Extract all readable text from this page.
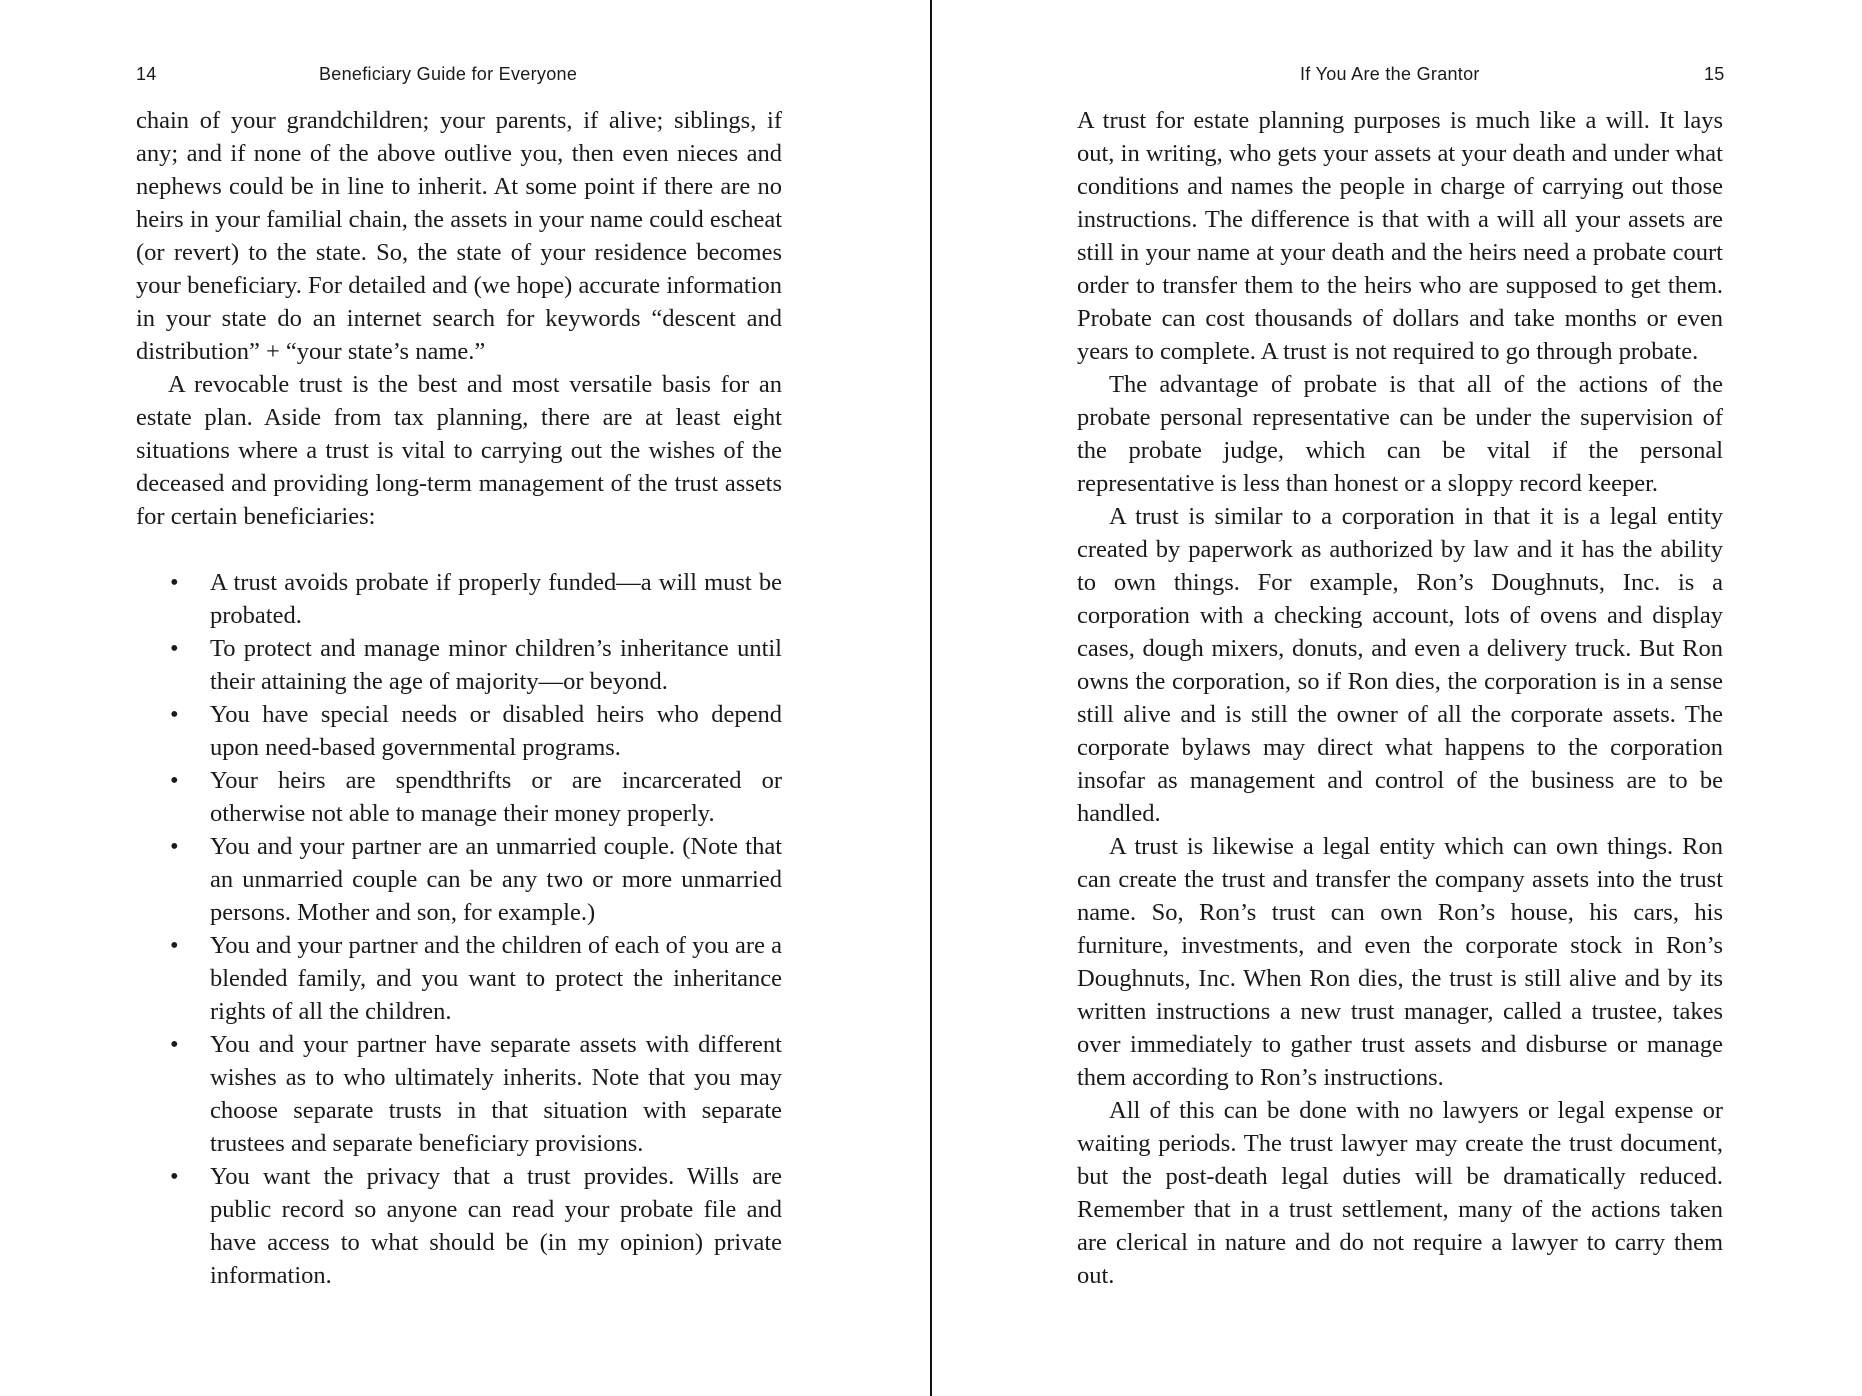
14	Beneficiary Guide for Everyone

chain of your grandchildren; your parents, if alive; siblings, if any; and if none of the above outlive you, then even nieces and nephews could be in line to inherit. At some point if there are no heirs in your familial chain, the assets in your name could escheat (or revert) to the state. So, the state of your residence becomes your beneficiary. For detailed and (we hope) accurate information in your state do an internet search for keywords “descent and distribution” + “your state’s name.”

A revocable trust is the best and most versatile basis for an estate plan. Aside from tax planning, there are at least eight situations where a trust is vital to carrying out the wishes of the deceased and providing long-term management of the trust assets for certain beneficiaries:

• A trust avoids probate if properly funded—a will must be probated.
• To protect and manage minor children’s inheritance until their attaining the age of majority—or beyond.
• You have special needs or disabled heirs who depend upon need-based governmental programs.
• Your heirs are spendthrifts or are incarcerated or otherwise not able to manage their money properly.
• You and your partner are an unmarried couple. (Note that an unmarried couple can be any two or more unmarried persons. Mother and son, for example.)
• You and your partner and the children of each of you are a blended family, and you want to protect the inheritance rights of all the children.
• You and your partner have separate assets with different wishes as to who ultimately inherits. Note that you may choose separate trusts in that situation with separate trustees and separate beneficiary provisions.
• You want the privacy that a trust provides. Wills are public record so anyone can read your probate file and have access to what should be (in my opinion) private information.
If You Are the Grantor	15

A trust for estate planning purposes is much like a will. It lays out, in writing, who gets your assets at your death and under what conditions and names the people in charge of carrying out those instructions. The difference is that with a will all your assets are still in your name at your death and the heirs need a probate court order to transfer them to the heirs who are supposed to get them. Probate can cost thousands of dollars and take months or even years to complete. A trust is not required to go through probate.

The advantage of probate is that all of the actions of the probate personal representative can be under the supervision of the probate judge, which can be vital if the personal representative is less than honest or a sloppy record keeper.

A trust is similar to a corporation in that it is a legal entity created by paperwork as authorized by law and it has the ability to own things. For example, Ron’s Doughnuts, Inc. is a corporation with a checking account, lots of ovens and display cases, dough mixers, donuts, and even a delivery truck. But Ron owns the corporation, so if Ron dies, the corporation is in a sense still alive and is still the owner of all the corporate assets. The corporate bylaws may direct what happens to the corporation insofar as management and control of the business are to be handled.

A trust is likewise a legal entity which can own things. Ron can create the trust and transfer the company assets into the trust name. So, Ron’s trust can own Ron’s house, his cars, his furniture, investments, and even the corporate stock in Ron’s Doughnuts, Inc. When Ron dies, the trust is still alive and by its written instructions a new trust manager, called a trustee, takes over immediately to gather trust assets and disburse or manage them according to Ron’s instructions.

All of this can be done with no lawyers or legal expense or waiting periods. The trust lawyer may create the trust document, but the post-death legal duties will be dramatically reduced. Remember that in a trust settlement, many of the actions taken are clerical in nature and do not require a lawyer to carry them out.
